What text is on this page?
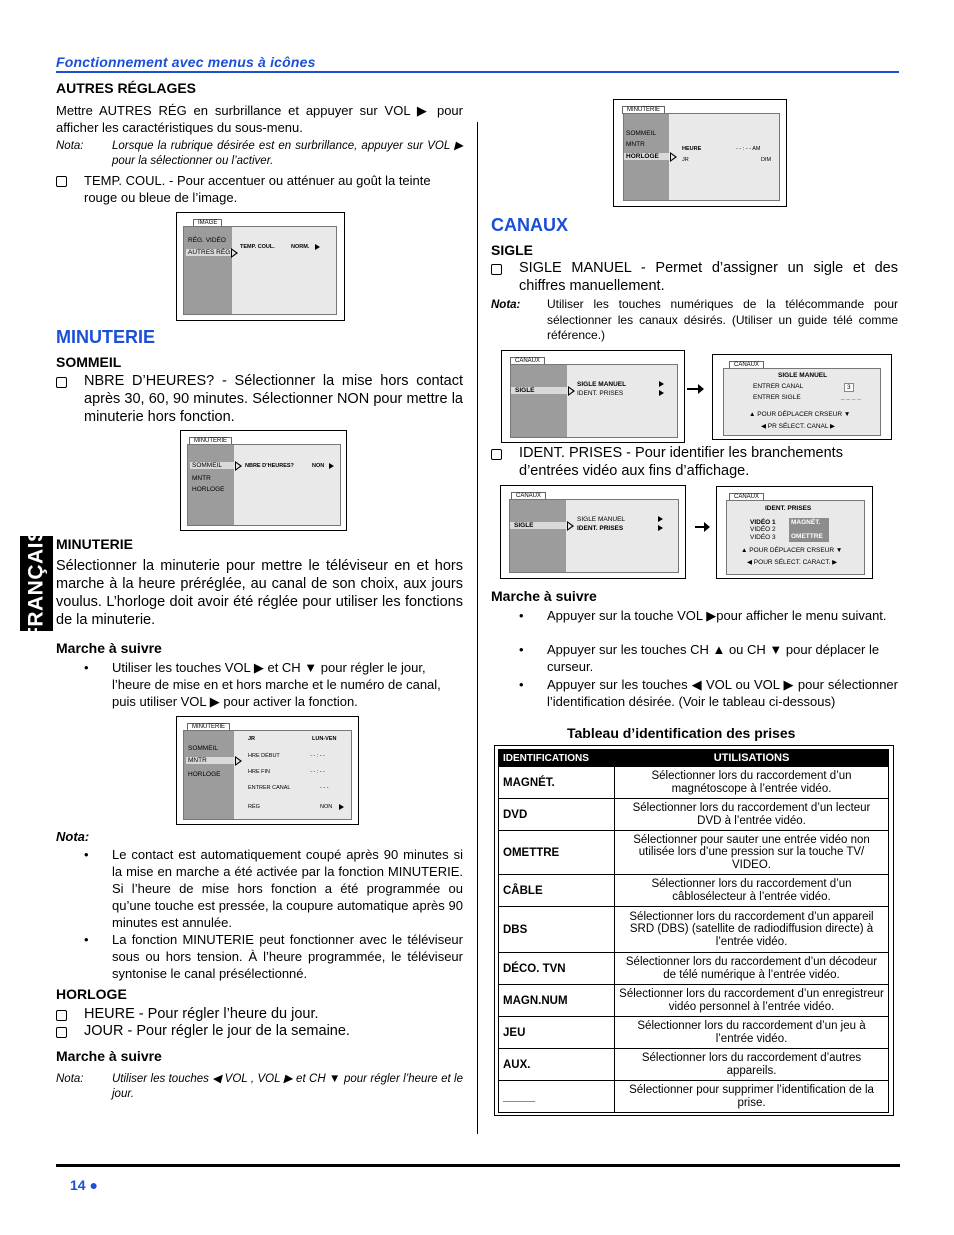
Fonctionnement avec menus à icônes
FRANÇAIS
AUTRES RÉGLAGES
Mettre AUTRES RÉG en surbrillance et appuyer sur VOL ▶ pour afficher les caractéristiques du sous-menu.
Nota: Lorsque la rubrique désirée est en surbrillance, appuyer sur VOL ▶ pour la sélectionner ou l’activer.
TEMP. COUL. - Pour accentuer ou atténuer au goût la teinte rouge ou bleue de l’image.
IMAGE
RÉG. VIDÉO
AUTRES RÉG
TEMP. COUL.	NORM.
MINUTERIE
SOMMEIL
NBRE D’HEURES? - Sélectionner la mise hors contact après 30, 60, 90 minutes. Sélectionner NON pour mettre la minuterie hors fonction.
MINUTERIE
SOMMEIL
MNTR
HORLOGE
NBRE D’HEURES?	NON
MINUTERIE
Sélectionner la minuterie pour mettre le téléviseur en et hors marche à la heure préréglée, au canal de son choix, aux jours voulus. L’horloge doit avoir été réglée pour utiliser les fonctions de la minuterie.
Marche à suivre
• Utiliser les touches VOL ▶ et CH ▼ pour régler le jour, l’heure de mise en et hors marche et le numéro de canal, puis utiliser VOL ▶ pour activer la fonction.
MINUTERIE
SOMMEIL
MNTR
HORLOGE
JR	LUN-VEN
HRE DÉBUT	- - : - -
HRE FIN	- - : - -
ENTRER CANAL	- - -
RÉG	NON
Nota:
• Le contact est automatiquement coupé après 90 minutes si la mise en marche a été activée par la fonction MINUTERIE. Si l’heure de mise hors fonction a été programmée ou qu’une touche est pressée, la coupure automatique après 90 minutes est annulée.
• La fonction MINUTERIE peut fonctionner avec le téléviseur sous ou hors tension. À l’heure programmée, le téléviseur syntonise le canal présélectionné.
HORLOGE
HEURE - Pour régler l’heure du jour.
JOUR - Pour régler le jour de la semaine.
Marche à suivre
Nota: Utiliser les touches ◀ VOL , VOL ▶ et CH ▼ pour régler l’heure et le jour.
MINUTERIE
SOMMEIL
MNTR
HORLOGE
HEURE	- - : - - AM
JR	DIM
CANAUX
SIGLE
SIGLE MANUEL - Permet d’assigner un sigle et des chiffres manuellement.
Nota: Utiliser les touches numériques de la télécommande pour sélectionner les canaux désirés. (Utiliser un guide télé comme référence.)
CANAUX
SIGLE
SIGLE MANUEL
IDENT. PRISES
CANAUX
SIGLE MANUEL
ENTRER CANAL	3
ENTRER SIGLE	_ _ _ _
▲ POUR DÉPLACER CRSEUR ▼
◀ PR SÉLECT. CANAL ▶
IDENT. PRISES - Pour identifier les branchements d’entrées vidéo aux fins d’affichage.
CANAUX
SIGLE
SIGLE MANUEL
IDENT. PRISES
CANAUX
IDENT. PRISES
VIDÉO 1
VIDÉO 2
VIDÉO 3
MAGNÉT.
OMETTRE
▲ POUR DÉPLACER CRSEUR ▼
◀ POUR SÉLECT. CARACT. ▶
Marche à suivre
• Appuyer sur la touche VOL ▶pour afficher le menu suivant.
• Appuyer sur les touches CH ▲ ou CH ▼ pour déplacer le curseur.
• Appuyer sur les touches ◀ VOL ou VOL ▶ pour sélectionner l’identification désirée. (Voir le tableau ci-dessous)
Tableau d’identification des prises
IDENTIFICATIONS	UTILISATIONS
MAGNÉT.	Sélectionner lors du raccordement d’un magnétoscope à l’entrée vidéo.
DVD	Sélectionner lors du raccordement d’un lecteur DVD à l’entrée vidéo.
OMETTRE	Sélectionner pour sauter une entrée vidéo non utilisée lors d’une pression sur la touche TV/ VIDEO.
CÂBLE	Sélectionner lors du raccordement d’un câblosélecteur à l’entrée vidéo.
DBS	Sélectionner lors du raccordement d’un appareil SRD (DBS) (satellite de radiodiffusion directe) à l’entrée vidéo.
DÉCO. TVN	Sélectionner lors du raccordement d’un décodeur de télé numérique à l’entrée vidéo.
MAGN.NUM	Sélectionner lors du raccordement d’un enregistreur vidéo personnel à l’entrée vidéo.
JEU	Sélectionner lors du raccordement d’un jeu à l’entrée vidéo.
AUX.	Sélectionner lors du raccordement d’autres appareils.
_____	Sélectionner pour supprimer l’identification de la prise.
14 ●
